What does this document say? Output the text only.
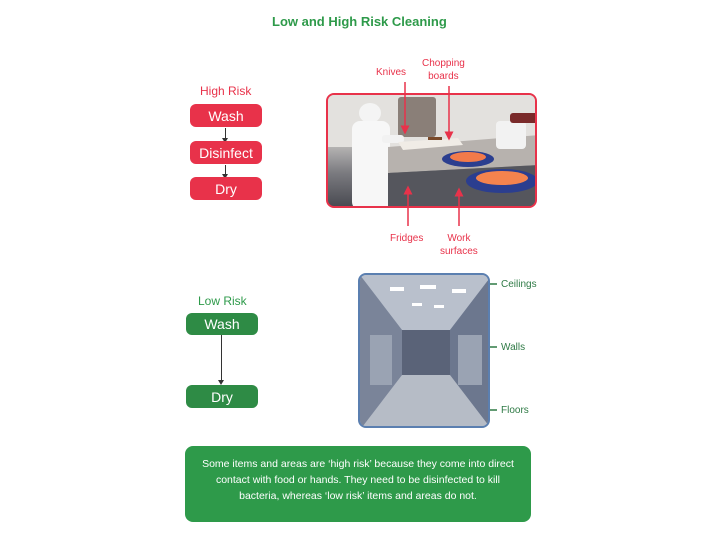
Low and High Risk Cleaning
High Risk
Wash
Disinfect
Dry
Knives
Chopping
boards
Fridges	Work
surfaces
Low Risk
Wash
Dry
Ceilings
Walls
Floors
Some items and areas are ‘high risk’ because they come into direct contact with food or hands. They need to be disinfected to kill bacteria, whereas ‘low risk’ items and areas do not.
